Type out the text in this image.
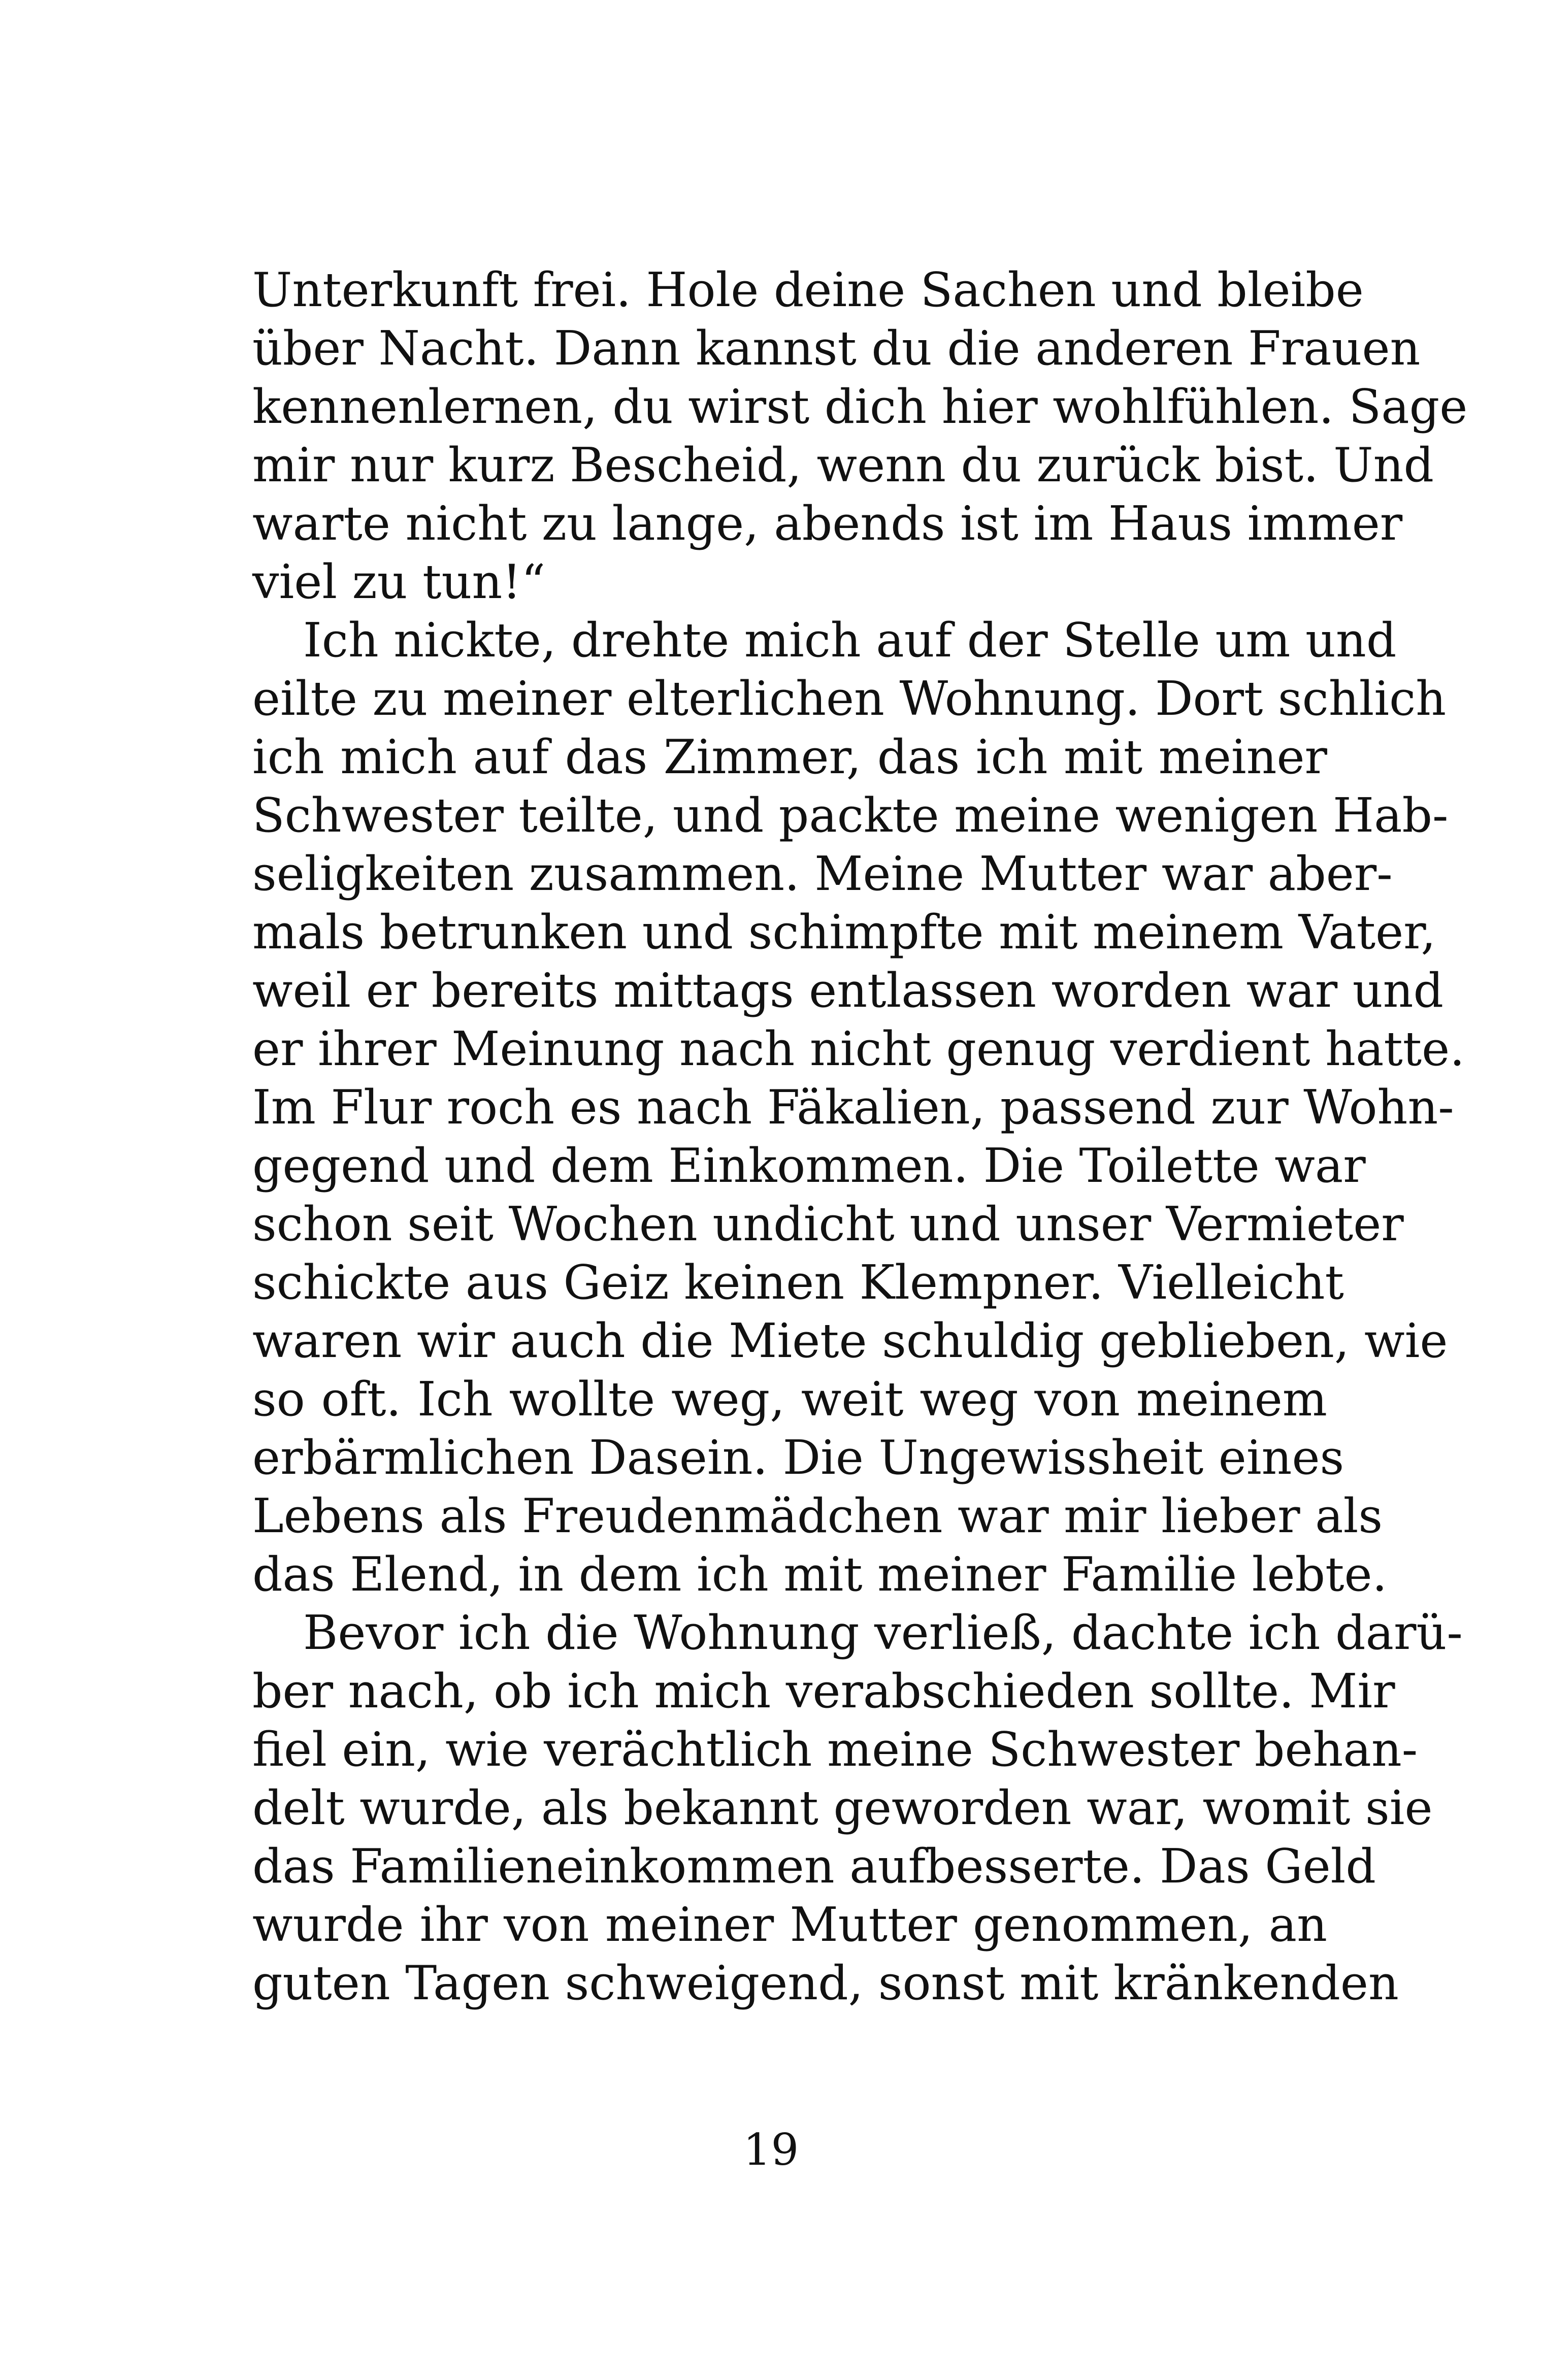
Unterkunft frei. Hole deine Sachen und bleibe
über Nacht. Dann kannst du die anderen Frauen
kennenlernen, du wirst dich hier wohlfühlen. Sage
mir nur kurz Bescheid, wenn du zurück bist. Und
warte nicht zu lange, abends ist im Haus immer
viel zu tun!“
Ich nickte, drehte mich auf der Stelle um und
eilte zu meiner elterlichen Wohnung. Dort schlich
ich mich auf das Zimmer, das ich mit meiner
Schwester teilte, und packte meine wenigen Hab-
seligkeiten zusammen. Meine Mutter war aber-
mals betrunken und schimpfte mit meinem Vater,
weil er bereits mittags entlassen worden war und
er ihrer Meinung nach nicht genug verdient hatte.
Im Flur roch es nach Fäkalien, passend zur Wohn-
gegend und dem Einkommen. Die Toilette war
schon seit Wochen undicht und unser Vermieter
schickte aus Geiz keinen Klempner. Vielleicht
waren wir auch die Miete schuldig geblieben, wie
so oft. Ich wollte weg, weit weg von meinem
erbärmlichen Dasein. Die Ungewissheit eines
Lebens als Freudenmädchen war mir lieber als
das Elend, in dem ich mit meiner Familie lebte.
Bevor ich die Wohnung verließ, dachte ich darü-
ber nach, ob ich mich verabschieden sollte. Mir
fiel ein, wie verächtlich meine Schwester behan-
delt wurde, als bekannt geworden war, womit sie
das Familieneinkommen aufbesserte. Das Geld
wurde ihr von meiner Mutter genommen, an
guten Tagen schweigend, sonst mit kränkenden
19
